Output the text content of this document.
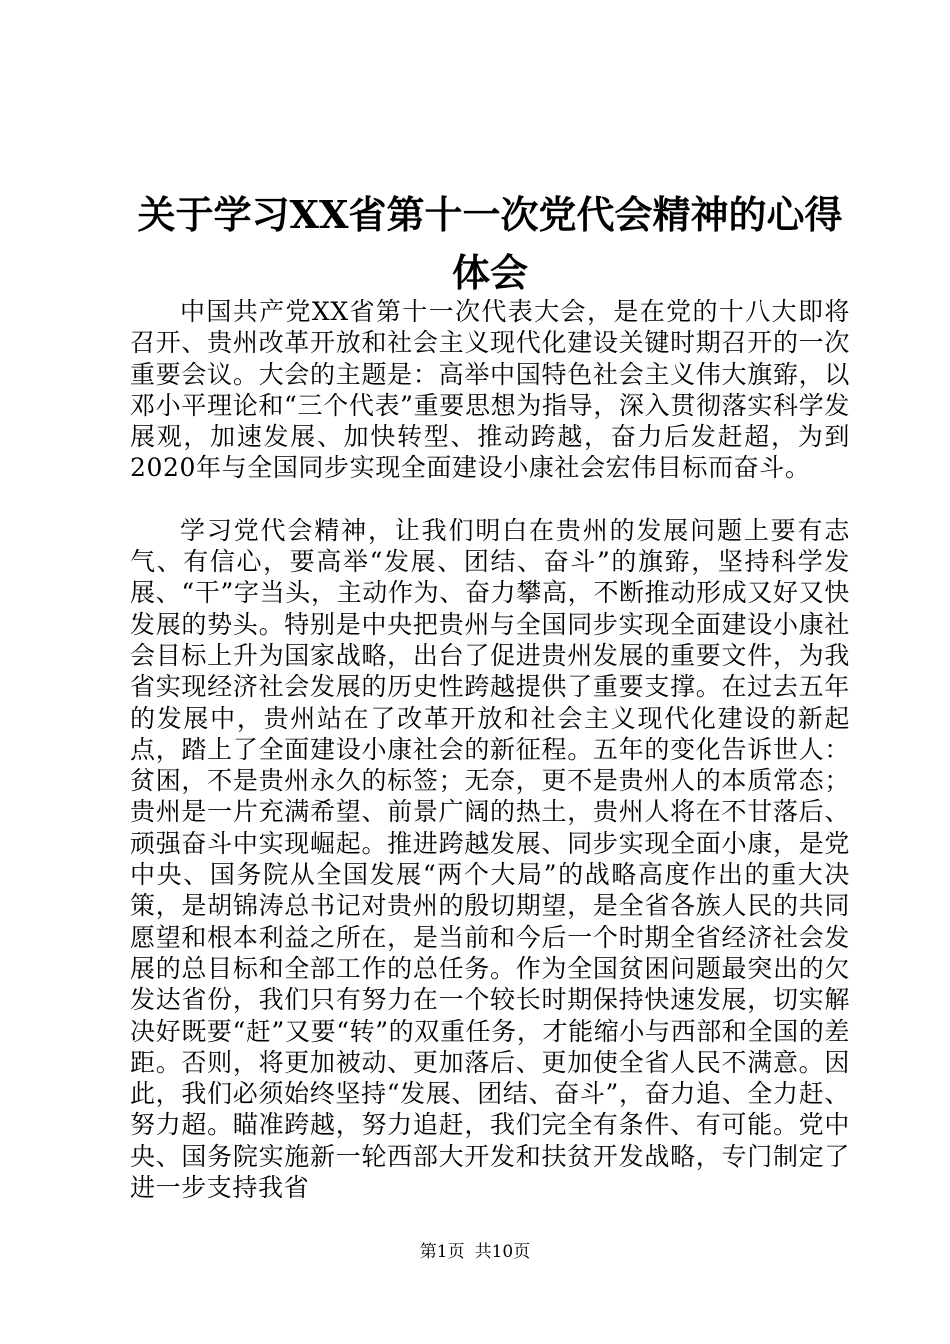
关于学习XX省第十一次党代会精神的心得体会

中国共产党XX省第十一次代表大会，是在党的十八大即将召开、贵州改革开放和社会主义现代化建设关键时期召开的一次重要会议。大会的主题是：高举中国特色社会主义伟大旗臶，以邓小平理论和“三个代表”重要思想为指导，深入贯彻落实科学发展观，加速发展、加快转型、推动跨越，奋力后发赶超，为到2020年与全国同步实现全面建设小康社会宏伟目标而奋斗。

学习党代会精神，让我们明白在贵州的发展问题上要有志气、有信心，要高举“发展、团结、奋斗”的旗臶，坚持科学发展、“干”字当头，主动作为、奋力攀高，不断推动形成又好又快发展的势头。特别是中央把贵州与全国同步实现全面建设小康社会目标上升为国家战略，出台了促进贵州发展的重要文件，为我省实现经济社会发展的历史性跨越提供了重要支撑。在过去五年的发展中，贵州站在了改革开放和社会主义现代化建设的新起点，踏上了全面建设小康社会的新征程。五年的变化告诉世人：贫困，不是贵州永久的标签；无奈，更不是贵州人的本质常态；贵州是一片充满希望、前景广阔的热土，贵州人将在不甘落后、顽强奋斗中实现崛起。推进跨越发展、同步实现全面小康，是党中央、国务院从全国发展“两个大局”的战略高度作出的重大决策，是胡锦涛总书记对贵州的殷切期望，是全省各族人民的共同愿望和根本利益之所在，是当前和今后一个时期全省经济社会发展的总目标和全部工作的总任务。作为全国贫困问题最突出的欠发达省份，我们只有努力在一个较长时期保持快速发展，切实解决好既要“赶”又要“转”的双重任务，才能缩小与西部和全国的差距。否则，将更加被动、更加落后、更加使全省人民不满意。因此，我们必须始终坚持“发展、团结、奋斗”，奋力追、全力赶、努力超。瞄准跨越，努力追赶，我们完全有条件、有可能。党中央、国务院实施新一轮西部大开发和扶贫开发战略，专门制定了进一步支持我省

第1页 共10页
